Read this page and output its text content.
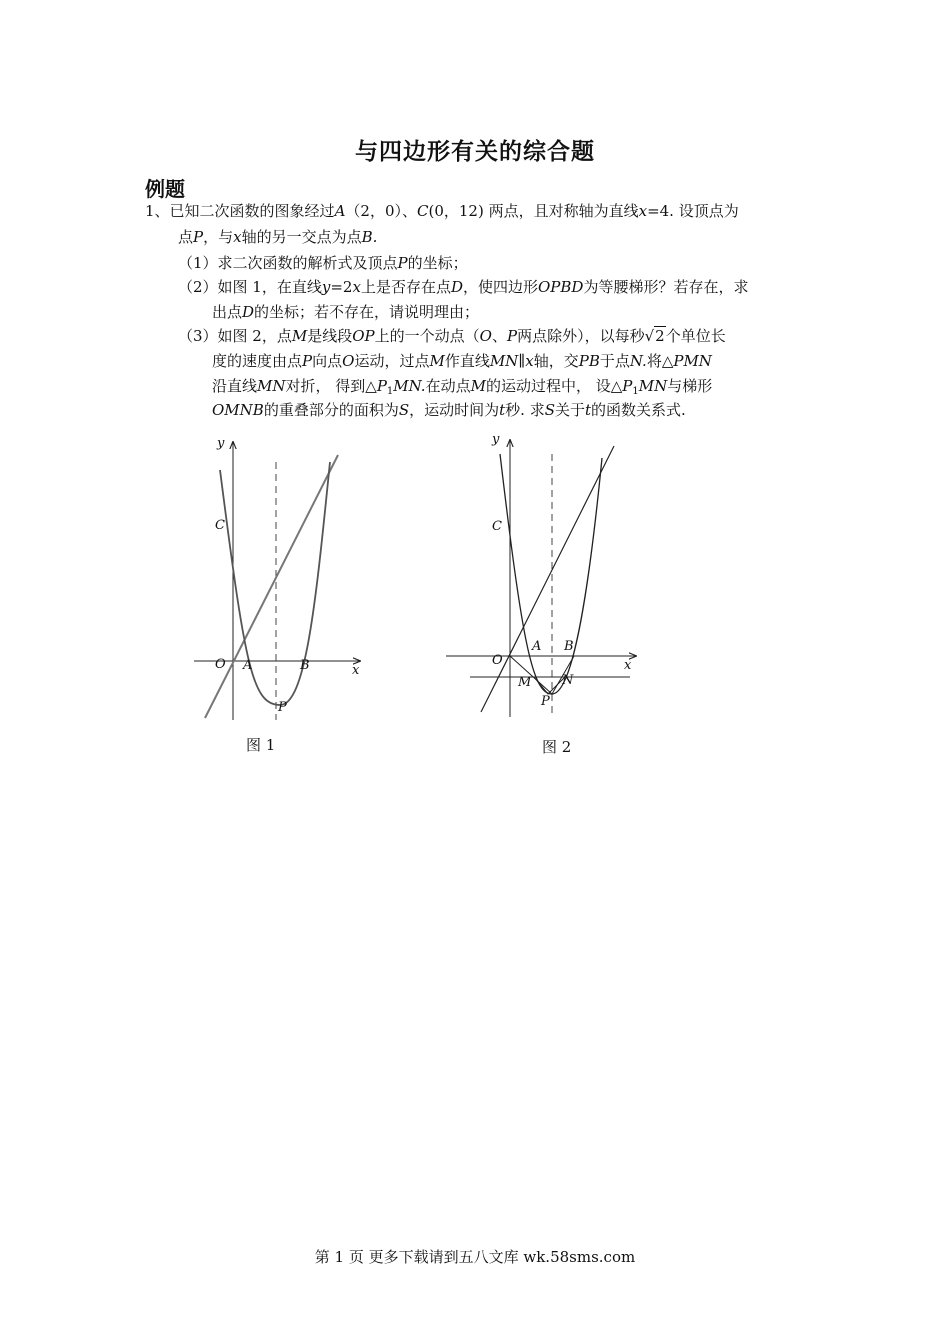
与四边形有关的综合题
例题
1、已知二次函数的图象经过A（2，0）、C(0，12) 两点，且对称轴为直线x=4. 设顶点为
点P，与x轴的另一交点为点B.
（1）求二次函数的解析式及顶点P的坐标；
（2）如图 1，在直线y=2x上是否存在点D，使四边形OPBD为等腰梯形？若存在，求
出点D的坐标；若不存在，请说明理由；
（3）如图 2，点M是线段OP上的一个动点（O、P两点除外），以每秒√2个单位长
度的速度由点P向点O运动，过点M作直线MN∥x轴，交PB于点N.将△PMN
沿直线MN对折， 得到$\triangle P_1MN$.在动点M的运动过程中， 设$\triangle P_1MN$与梯形
OMNB的重叠部分的面积为S，运动时间为t秒. 求S关于t的函数关系式.
y
x
C
O A	B
P
y
x
C
O
A B
M N
P
图 1	图 2
第 1 页 更多下载请到五八文库 wk.58sms.com
